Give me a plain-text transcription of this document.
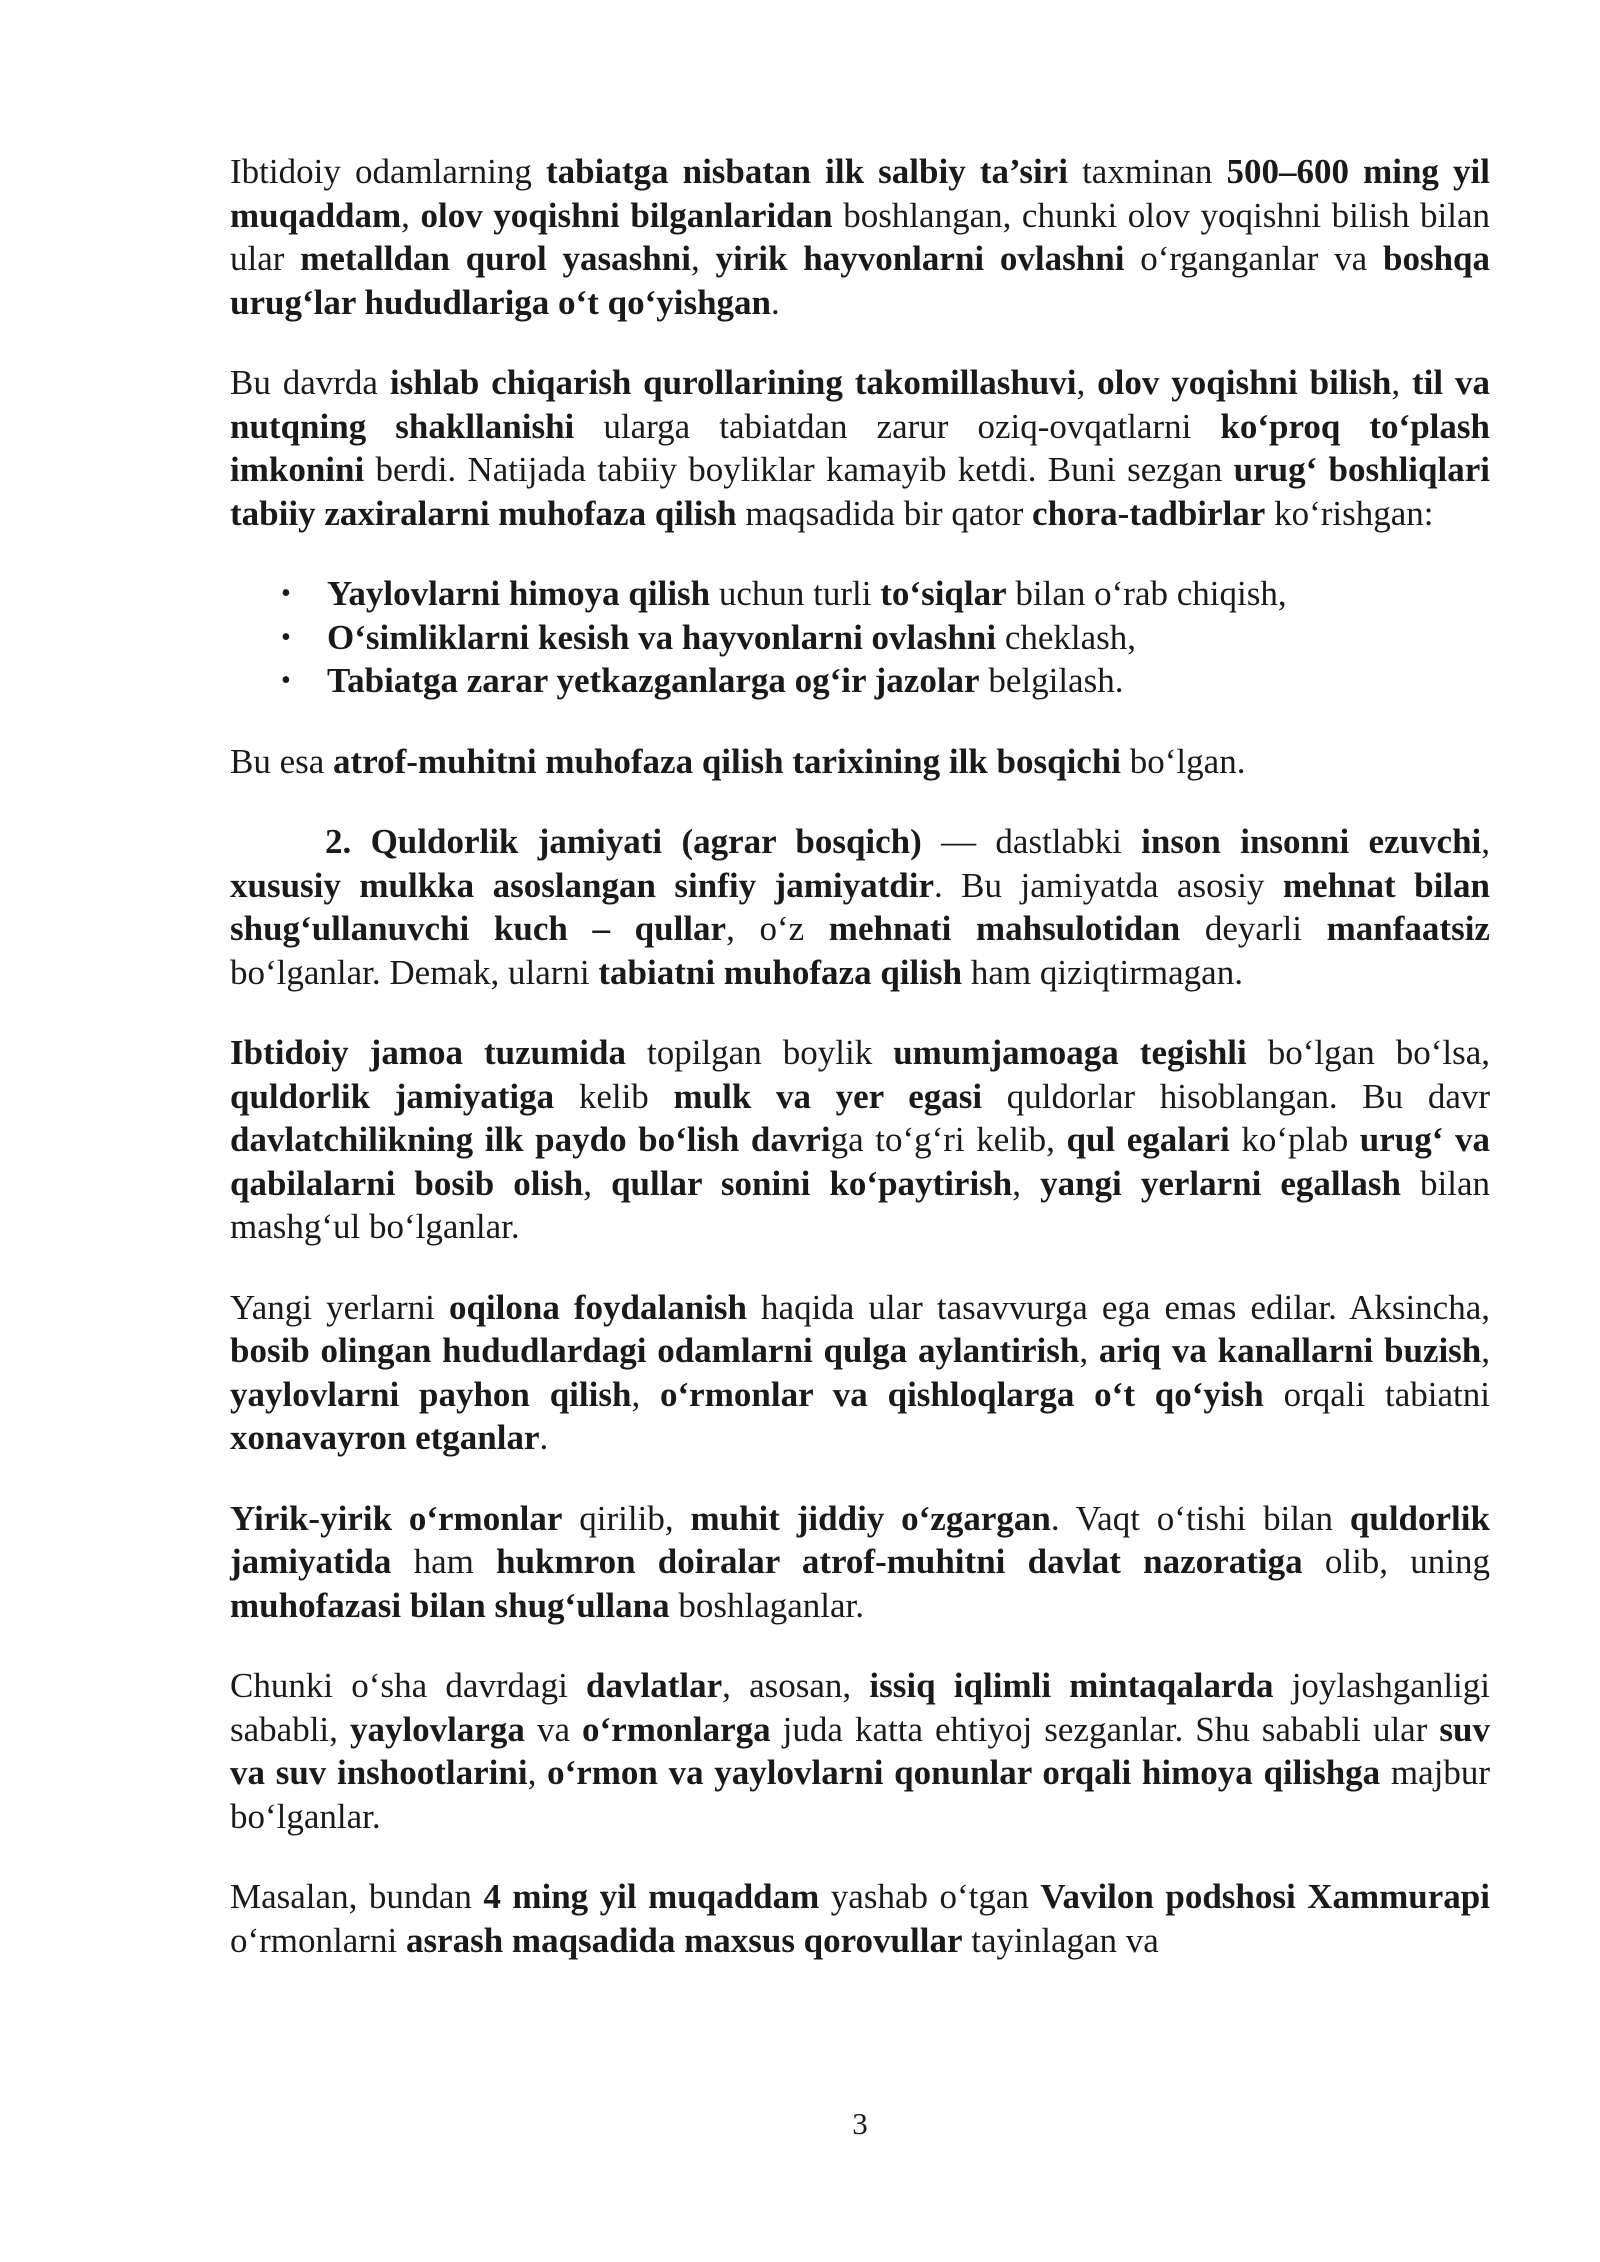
Ibtidoiy odamlarning tabiatga nisbatan ilk salbiy ta’siri taxminan 500–600 ming yil muqaddam, olov yoqishni bilganlaridan boshlangan, chunki olov yoqishni bilish bilan ular metalldan qurol yasashni, yirik hayvonlarni ovlashni o‘rganganlar va boshqa urug‘lar hududlariga o‘t qo‘yishgan.

Bu davrda ishlab chiqarish qurollarining takomillashuvi, olov yoqishni bilish, til va nutqning shakllanishi ularga tabiatdan zarur oziq-ovqatlarni ko‘proq to‘plash imkonini berdi. Natijada tabiiy boyliklar kamayib ketdi. Buni sezgan urug‘ boshliqlari tabiiy zaxiralarni muhofaza qilish maqsadida bir qator chora-tadbirlar ko‘rishgan:

• Yaylovlarni himoya qilish uchun turli to‘siqlar bilan o‘rab chiqish,
• O‘simliklarni kesish va hayvonlarni ovlashni cheklash,
• Tabiatga zarar yetkazganlarga og‘ir jazolar belgilash.

Bu esa atrof-muhitni muhofaza qilish tarixining ilk bosqichi bo‘lgan.

2. Quldorlik jamiyati (agrar bosqich) — dastlabki inson insonni ezuvchi, xususiy mulkka asoslangan sinfiy jamiyatdir. Bu jamiyatda asosiy mehnat bilan shug‘ullanuvchi kuch – qullar, o‘z mehnati mahsulotidan deyarli manfaatsiz bo‘lganlar. Demak, ularni tabiatni muhofaza qilish ham qiziqtirmagan.

Ibtidoiy jamoa tuzumida topilgan boylik umumjamoaga tegishli bo‘lgan bo‘lsa, quldorlik jamiyatiga kelib mulk va yer egasi quldorlar hisoblangan. Bu davr davlatchilikning ilk paydo bo‘lish davriga to‘g‘ri kelib, qul egalari ko‘plab urug‘ va qabilalarni bosib olish, qullar sonini ko‘paytirish, yangi yerlarni egallash bilan mashg‘ul bo‘lganlar.

Yangi yerlarni oqilona foydalanish haqida ular tasavvurga ega emas edilar. Aksincha, bosib olingan hududlardagi odamlarni qulga aylantirish, ariq va kanallarni buzish, yaylovlarni payhon qilish, o‘rmonlar va qishloqlarga o‘t qo‘yish orqali tabiatni xonavayron etganlar.

Yirik-yirik o‘rmonlar qirilib, muhit jiddiy o‘zgargan. Vaqt o‘tishi bilan quldorlik jamiyatida ham hukmron doiralar atrof-muhitni davlat nazoratiga olib, uning muhofazasi bilan shug‘ullana boshlaganlar.

Chunki o‘sha davrdagi davlatlar, asosan, issiq iqlimli mintaqalarda joylashganligi sababli, yaylovlarga va o‘rmonlarga juda katta ehtiyoj sezganlar. Shu sababli ular suv va suv inshootlarini, o‘rmon va yaylovlarni qonunlar orqali himoya qilishga majbur bo‘lganlar.

Masalan, bundan 4 ming yil muqaddam yashab o‘tgan Vavilon podshosi Xammurapi o‘rmonlarni asrash maqsadida maxsus qorovullar tayinlagan va

3
